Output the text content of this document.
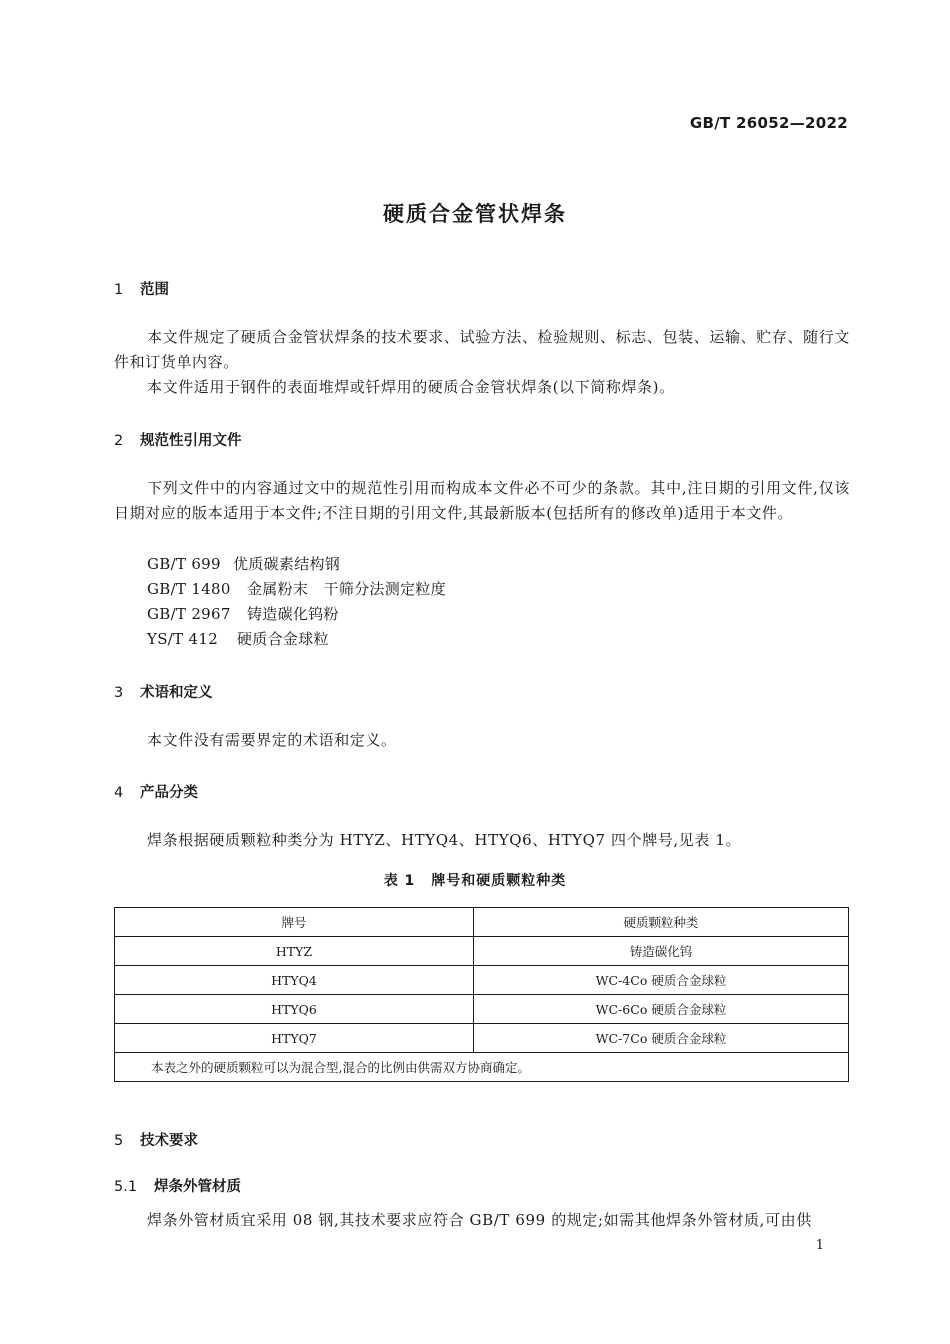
GB/T 26052—2022
硬质合金管状焊条
1 范围

本文件规定了硬质合金管状焊条的技术要求、试验方法、检验规则、标志、包装、运输、贮存、随行文件和订货单内容。

本文件适用于钢件的表面堆焊或钎焊用的硬质合金管状焊条(以下简称焊条)。

2 规范性引用文件

下列文件中的内容通过文中的规范性引用而构成本文件必不可少的条款。其中,注日期的引用文件,仅该日期对应的版本适用于本文件;不注日期的引用文件,其最新版本(包括所有的修改单)适用于本文件。

GB/T 699 优质碳素结构钢
GB/T 1480 金属粉末　干筛分法测定粒度
GB/T 2967 铸造碳化钨粉
YS/T 412 硬质合金球粒
3 术语和定义

本文件没有需要界定的术语和定义。

4 产品分类

焊条根据硬质颗粒种类分为 HTYZ、HTYQ4、HTYQ6、HTYQ7 四个牌号,见表 1。

表 1 牌号和硬质颗粒种类
牌号	硬质颗粒种类
HTYZ	铸造碳化钨
HTYQ4	WC-4Co 硬质合金球粒
HTYQ6	WC-6Co 硬质合金球粒
HTYQ7	WC-7Co 硬质合金球粒
本表之外的硬质颗粒可以为混合型,混合的比例由供需双方协商确定。	
5 技术要求
5.1 焊条外管材质

焊条外管材质宜采用 08 钢,其技术要求应符合 GB/T 699 的规定;如需其他焊条外管材质,可由供

1
